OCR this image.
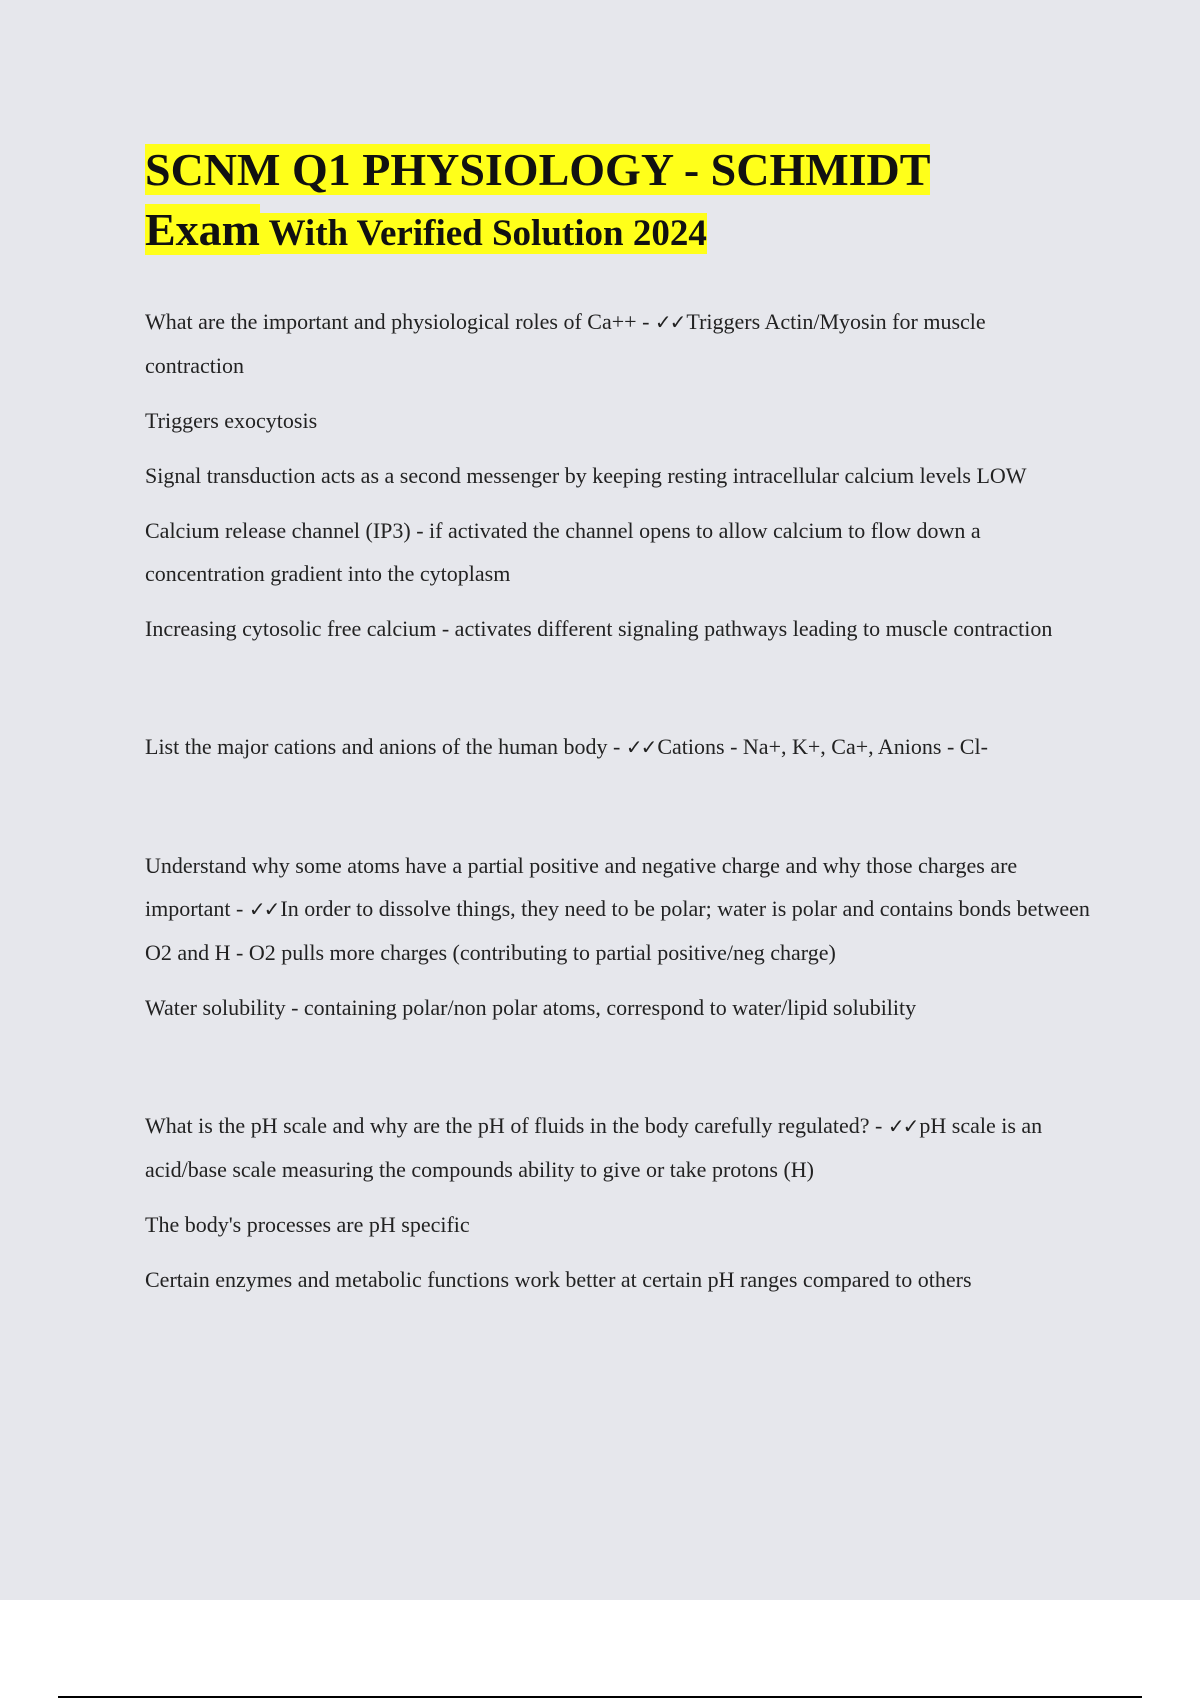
SCNM Q1 PHYSIOLOGY - SCHMIDT
Exam With Verified Solution 2024

What are the important and physiological roles of Ca++ - ✓✓Triggers Actin/Myosin for muscle contraction

Triggers exocytosis

Signal transduction acts as a second messenger by keeping resting intracellular calcium levels LOW

Calcium release channel (IP3) - if activated the channel opens to allow calcium to flow down a concentration gradient into the cytoplasm

Increasing cytosolic free calcium - activates different signaling pathways leading to muscle contraction

List the major cations and anions of the human body - ✓✓Cations - Na+, K+, Ca+, Anions - Cl-

Understand why some atoms have a partial positive and negative charge and why those charges are important - ✓✓In order to dissolve things, they need to be polar; water is polar and contains bonds between O2 and H - O2 pulls more charges (contributing to partial positive/neg charge)

Water solubility - containing polar/non polar atoms, correspond to water/lipid solubility

What is the pH scale and why are the pH of fluids in the body carefully regulated? - ✓✓pH scale is an acid/base scale measuring the compounds ability to give or take protons (H)

The body's processes are pH specific

Certain enzymes and metabolic functions work better at certain pH ranges compared to others
